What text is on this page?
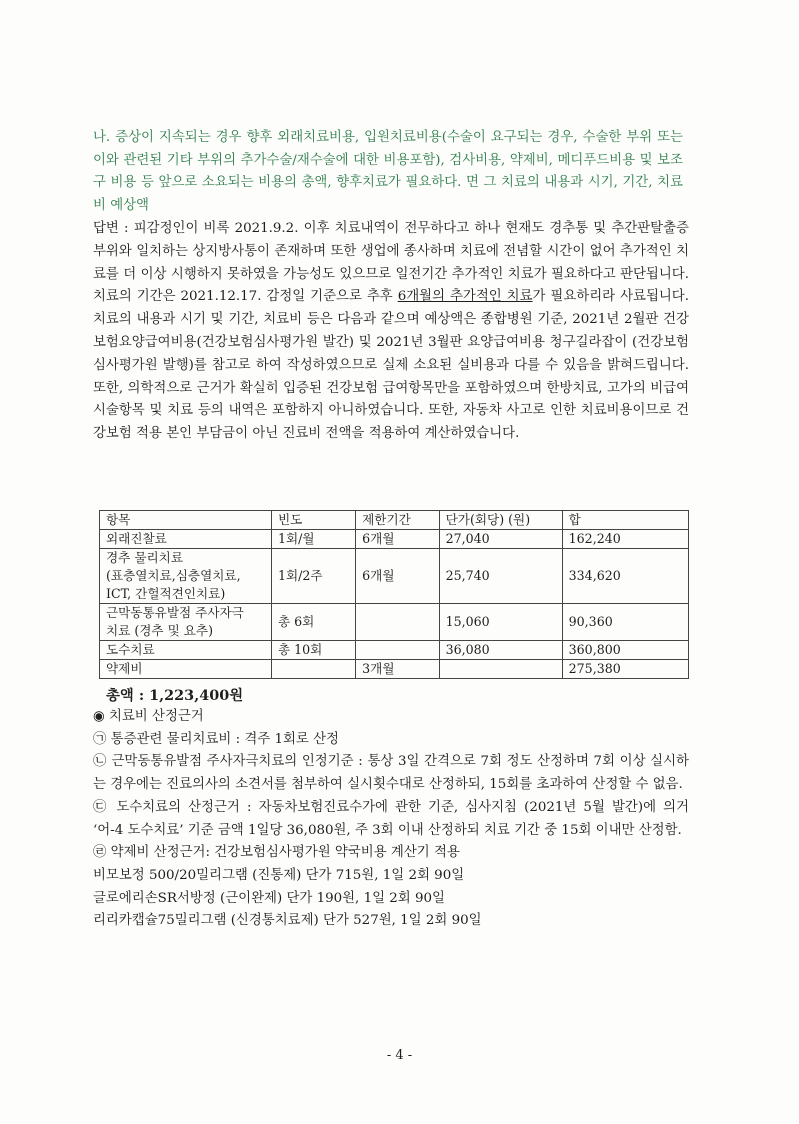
나. 증상이 지속되는 경우 향후 외래치료비용, 입원치료비용(수술이 요구되는 경우, 수술한 부위 또는 이와 관련된 기타 부위의 추가수술/재수술에 대한 비용포함), 검사비용, 약제비, 메디푸드비용 및 보조구 비용 등 앞으로 소요되는 비용의 총액, 향후치료가 필요하다. 면 그 치료의 내용과 시기, 기간, 치료비 예상액

답변 : 피감정인이 비록 2021.9.2. 이후 치료내역이 전무하다고 하나 현재도 경추통 및 추간판탈출증 부위와 일치하는 상지방사통이 존재하며 또한 생업에 종사하며 치료에 전념할 시간이 없어 추가적인 치료를 더 이상 시행하지 못하였을 가능성도 있으므로 일전기간 추가적인 치료가 필요하다고 판단됩니다. 치료의 기간은 2021.12.17. 감정일 기준으로 추후 6개월의 추가적인 치료가 필요하리라 사료됩니다. 치료의 내용과 시기 및 기간, 치료비 등은 다음과 같으며 예상액은 종합병원 기준, 2021년 2월판 건강보험요양급여비용(건강보험심사평가원 발간) 및 2021년 3월판 요양급여비용 청구길라잡이 (건강보험심사평가원 발행)를 참고로 하여 작성하였으므로 실제 소요된 실비용과 다를 수 있음을 밝혀드립니다. 또한, 의학적으로 근거가 확실히 입증된 건강보험 급여항목만을 포함하였으며 한방치료, 고가의 비급여 시술항목 및 치료 등의 내역은 포함하지 아니하였습니다. 또한, 자동차 사고로 인한 치료비용이므로 건강보험 적용 본인 부담금이 아닌 진료비 전액을 적용하여 계산하였습니다.

항목	빈도	제한기간	단가(회당) (원)	합
외래진찰료	1회/월	6개월	27,040	162,240

경추 물리치료
(표층열치료,심층열치료,
ICT, 간헐적견인치료)	1회/2주	6개월	25,740	334,620

근막동통유발점 주사자극
치료 (경추 및 요추)	총 6회		15,060	90,360
도수치료	총 10회		36,080	360,800
약제비		3개월		275,380

총액 : 1,223,400원

◉ 치료비 산정근거
㉠ 통증관련 물리치료비 : 격주 1회로 산정
㉡ 근막동통유발점 주사자극치료의 인정기준 : 통상 3일 간격으로 7회 정도 산정하며 7회 이상 실시하는 경우에는 진료의사의 소견서를 첨부하여 실시횟수대로 산정하되, 15회를 초과하여 산정할 수 없음.
㉢ 도수치료의 산정근거 : 자동차보험진료수가에 관한 기준, 심사지침 (2021년 5월 발간)에 의거 ‘어-4 도수치료’ 기준 금액 1일당 36,080원, 주 3회 이내 산정하되 치료 기간 중 15회 이내만 산정함.
㉣ 약제비 산정근거: 건강보험심사평가원 약국비용 계산기 적용
비모보정 500/20밀리그램 (진통제) 단가 715원, 1일 2회 90일
글로에리손SR서방정 (근이완제) 단가 190원, 1일 2회 90일
리리카캡슐75밀리그램 (신경통치료제) 단가 527원, 1일 2회 90일

- 4 -
